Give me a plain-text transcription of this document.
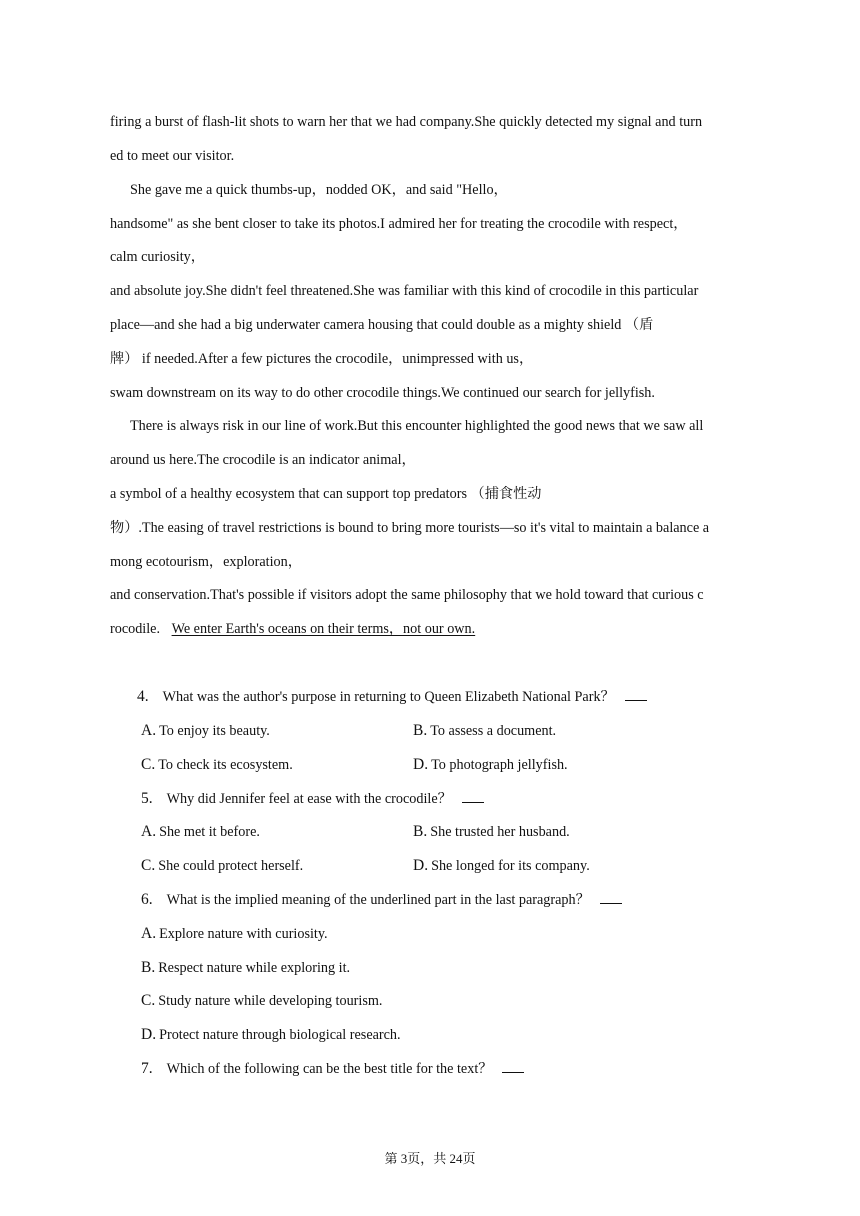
firing a burst of flash-lit shots to warn her that we had company.She quickly detected my signal and turn
ed to meet our visitor.
She gave me a quick thumbs-up，nodded OK，and said "Hello，
handsome" as she bent closer to take its photos.I admired her for treating the crocodile with respect，
calm curiosity，
and absolute joy.She didn't feel threatened.She was familiar with this kind of crocodile in this particular
place—and she had a big underwater camera housing that could double as a mighty shield （盾
牌） if needed.After a few pictures the crocodile，unimpressed with us，
swam downstream on its way to do other crocodile things.We continued our search for jellyfish.
There is always risk in our line of work.But this encounter highlighted the good news that we saw all
around us here.The crocodile is an indicator animal，
a symbol of a healthy ecosystem that can support top predators （捕食性动
物）.The easing of travel restrictions is bound to bring more tourists—so it's vital to maintain a balance a
mong ecotourism，exploration，
and conservation.That's possible if visitors adopt the same philosophy that we hold toward that curious c
rocodile. We enter Earth's oceans on their terms，not our own.
4. What was the author's purpose in returning to Queen Elizabeth National Park？
A. To enjoy its beauty.	B. To assess a document.
C. To check its ecosystem.	D. To photograph jellyfish.
5. Why did Jennifer feel at ease with the crocodile？
A. She met it before.	B. She trusted her husband.
C. She could protect herself.	D. She longed for its company.
6. What is the implied meaning of the underlined part in the last paragraph？
A. Explore nature with curiosity.
B. Respect nature while exploring it.
C. Study nature while developing tourism.
D. Protect nature through biological research.
7. Which of the following can be the best title for the text？
第 3页，共 24页
